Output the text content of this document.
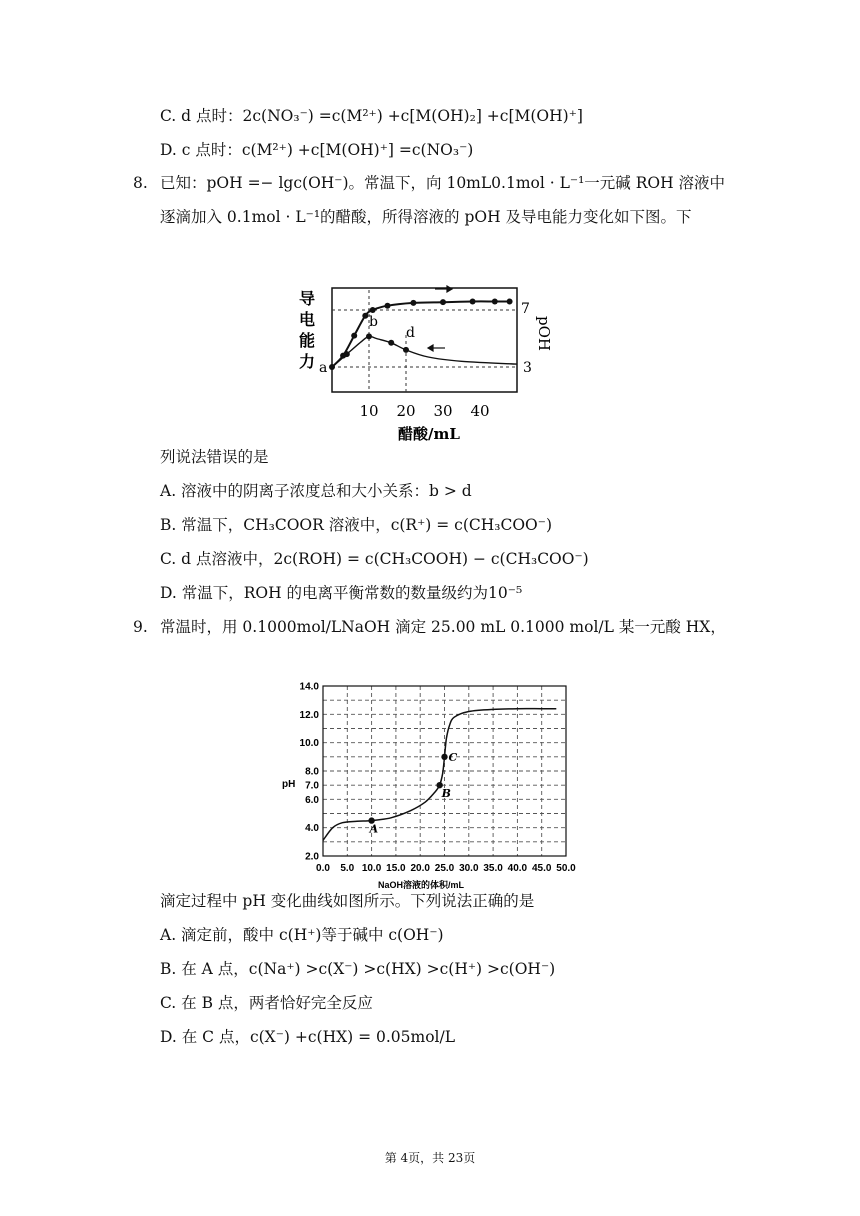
C. d 点时：2c(NO₃⁻) =c(M²⁺) +c[M(OH)₂] +c[M(OH)⁺]
D. c 点时：c(M²⁺) +c[M(OH)⁺] =c(NO₃⁻)
8. 已知：pOH =− lgc(OH⁻)。常温下，向 10mL0.1mol · L⁻¹一元碱 ROH 溶液中
逐滴加入 0.1mol · L⁻¹的醋酸，所得溶液的 pOH 及导电能力变化如下图。下
导
电
能
力 a
b
d
7
3
pOH
10 20 30 40
醋酸/mL
列说法错误的是
A. 溶液中的阴离子浓度总和大小关系：b > d
B. 常温下，CH₃COOR 溶液中，c(R⁺) = c(CH₃COO⁻)
C. d 点溶液中，2c(ROH) = c(CH₃COOH) − c(CH₃COO⁻)
D. 常温下，ROH 的电离平衡常数的数量级约为10⁻⁵
9. 常温时，用 0.1000mol/LNaOH 滴定 25.00 mL 0.1000 mol/L 某一元酸 HX，
2.0
4.0
6.0
7.0
8.0
10.0
12.0
14.0
0.0 5.0 10.0 15.0 20.0 25.0 30.0 35.0 40.0 45.0 50.0
pH
A
B
C
NaOH溶液的体积/mL
滴定过程中 pH 变化曲线如图所示。下列说法正确的是
A. 滴定前，酸中 c(H⁺)等于碱中 c(OH⁻)
B. 在 A 点，c(Na⁺) >c(X⁻) >c(HX) >c(H⁺) >c(OH⁻)
C. 在 B 点，两者恰好完全反应
D. 在 C 点，c(X⁻) +c(HX) = 0.05mol/L
第 4页，共 23页
